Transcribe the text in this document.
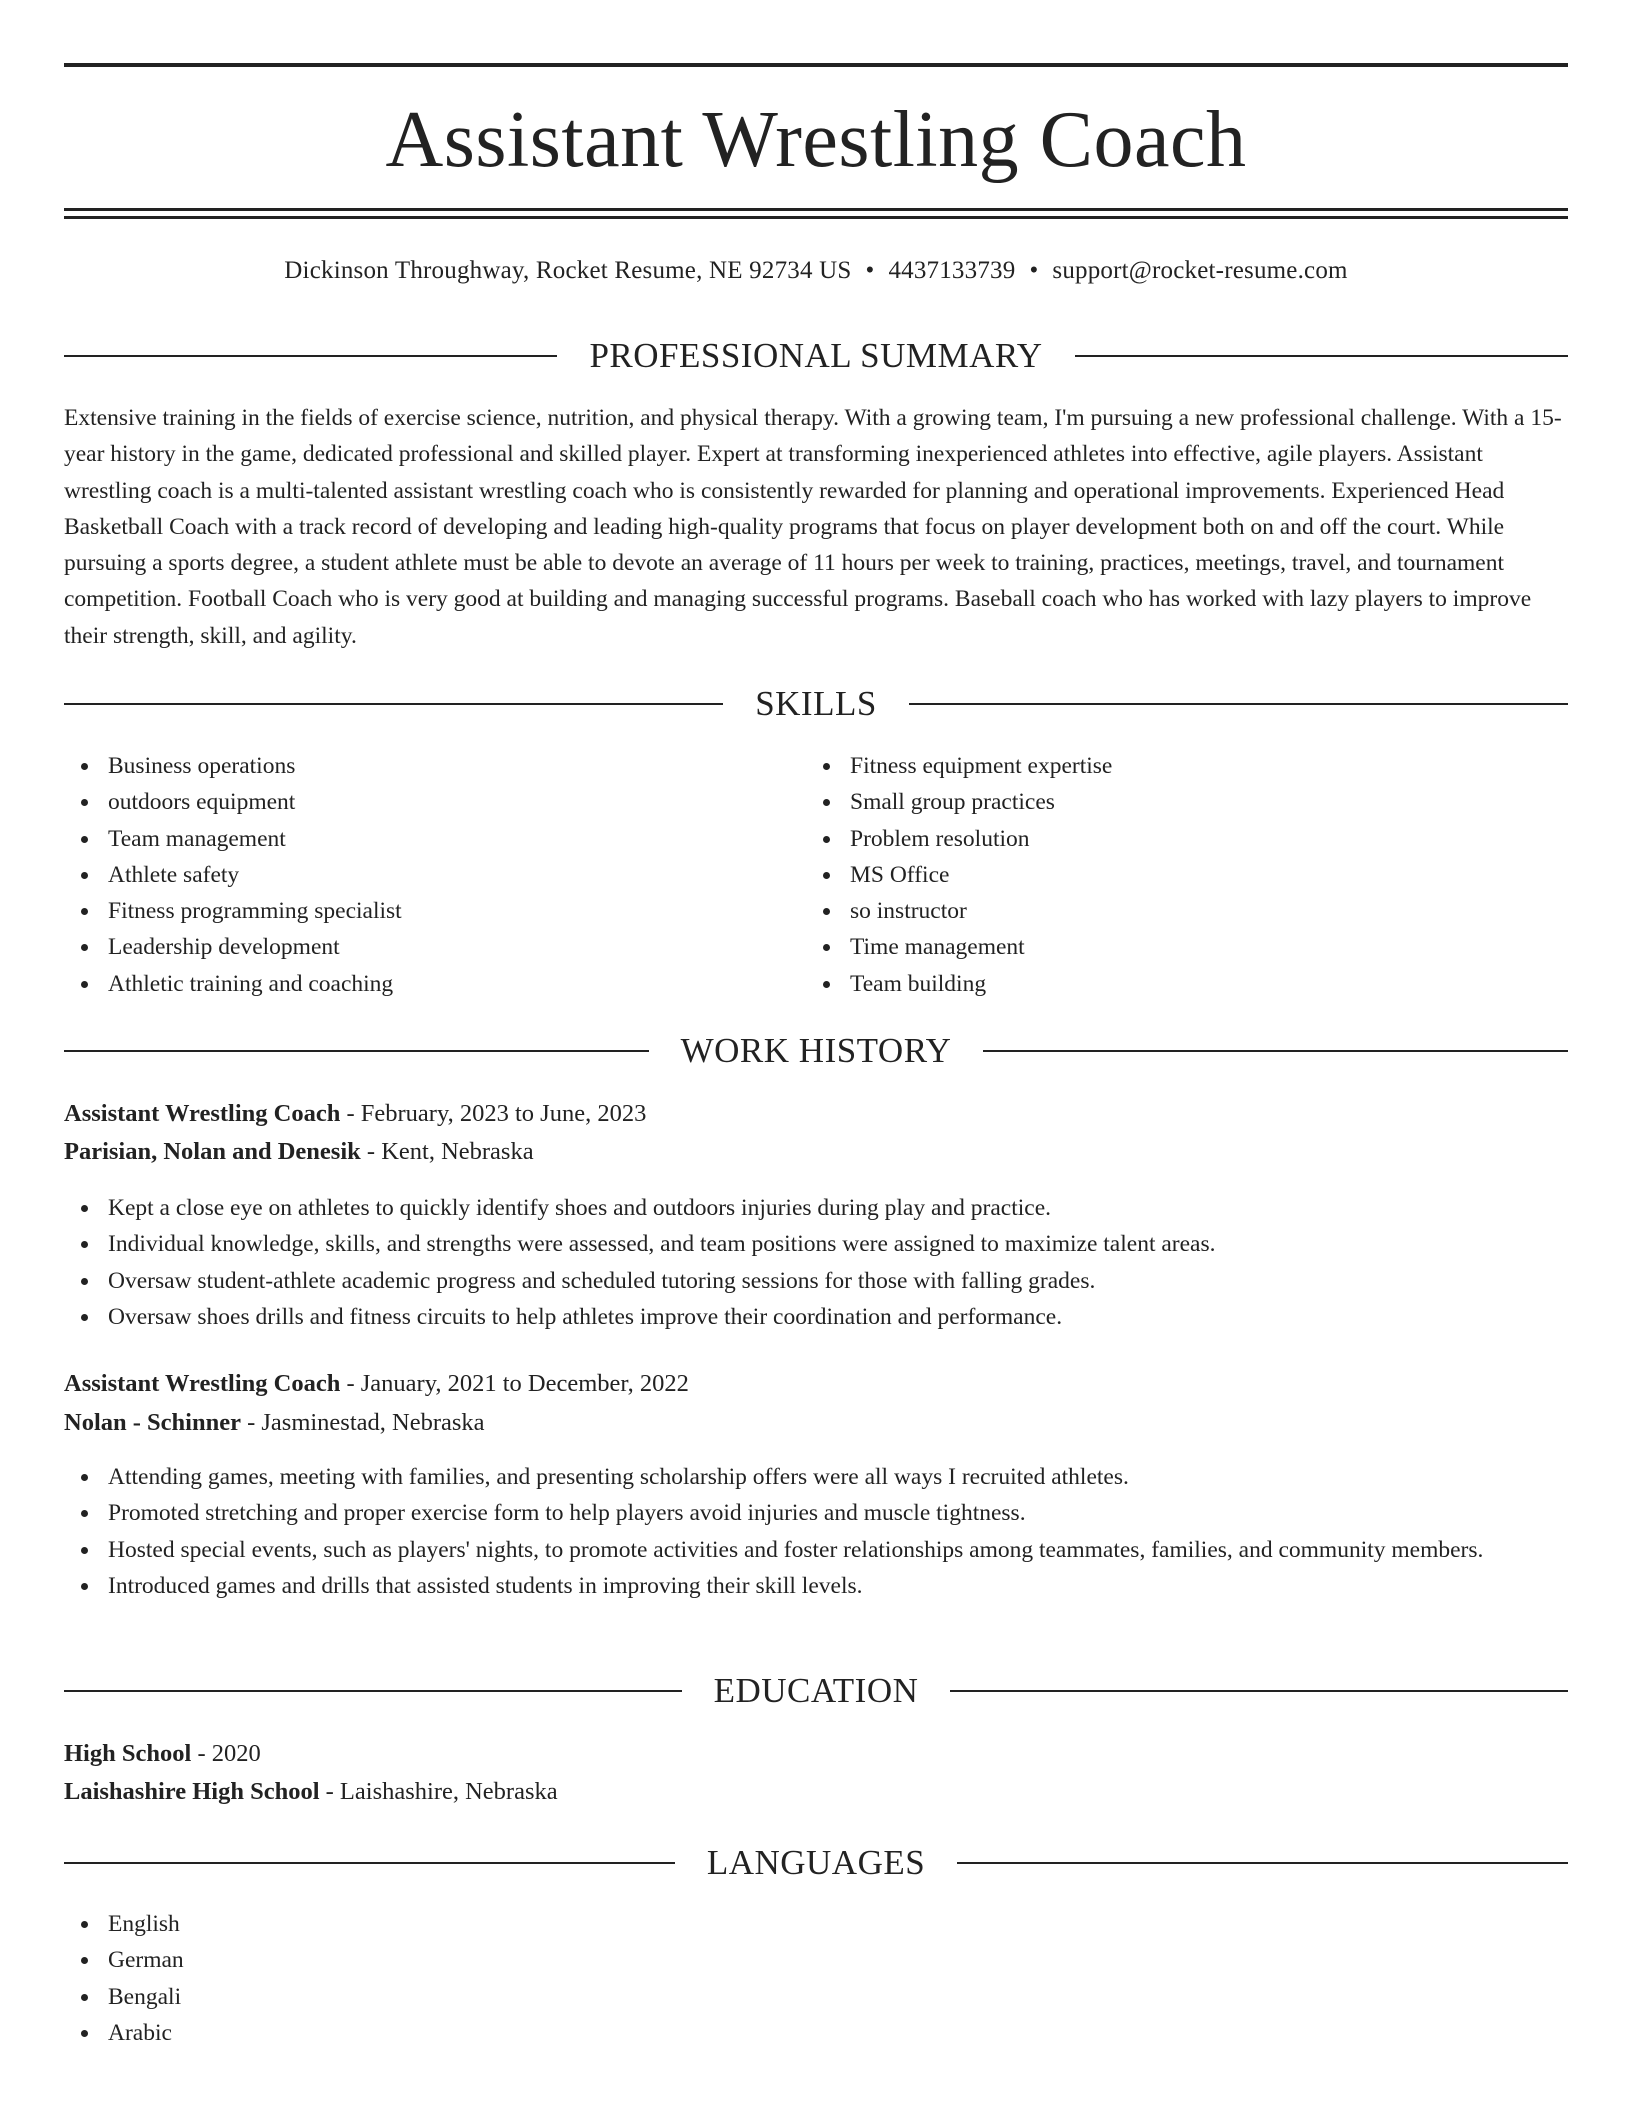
Assistant Wrestling Coach
Dickinson Throughway, Rocket Resume, NE 92734 US • 4437133739 • support@rocket-resume.com
PROFESSIONAL SUMMARY

Extensive training in the fields of exercise science, nutrition, and physical therapy. With a growing team, I'm pursuing a new professional challenge. With a 15-year history in the game, dedicated professional and skilled player. Expert at transforming inexperienced athletes into effective, agile players. Assistant wrestling coach is a multi-talented assistant wrestling coach who is consistently rewarded for planning and operational improvements. Experienced Head Basketball Coach with a track record of developing and leading high-quality programs that focus on player development both on and off the court. While pursuing a sports degree, a student athlete must be able to devote an average of 11 hours per week to training, practices, meetings, travel, and tournament competition. Football Coach who is very good at building and managing successful programs. Baseball coach who has worked with lazy players to improve their strength, skill, and agility.

SKILLS
Business operations
outdoors equipment
Team management
Athlete safety
Fitness programming specialist
Leadership development
Athletic training and coaching
Fitness equipment expertise
Small group practices
Problem resolution
MS Office
so instructor
Time management
Team building
WORK HISTORY
Assistant Wrestling Coach - February, 2023 to June, 2023
Parisian, Nolan and Denesik - Kent, Nebraska
Kept a close eye on athletes to quickly identify shoes and outdoors injuries during play and practice.
Individual knowledge, skills, and strengths were assessed, and team positions were assigned to maximize talent areas.
Oversaw student-athlete academic progress and scheduled tutoring sessions for those with falling grades.
Oversaw shoes drills and fitness circuits to help athletes improve their coordination and performance.
Assistant Wrestling Coach - January, 2021 to December, 2022
Nolan - Schinner - Jasminestad, Nebraska
Attending games, meeting with families, and presenting scholarship offers were all ways I recruited athletes.
Promoted stretching and proper exercise form to help players avoid injuries and muscle tightness.
Hosted special events, such as players' nights, to promote activities and foster relationships among teammates, families, and community members.
Introduced games and drills that assisted students in improving their skill levels.
EDUCATION
High School - 2020
Laishashire High School - Laishashire, Nebraska
LANGUAGES
English
German
Bengali
Arabic
